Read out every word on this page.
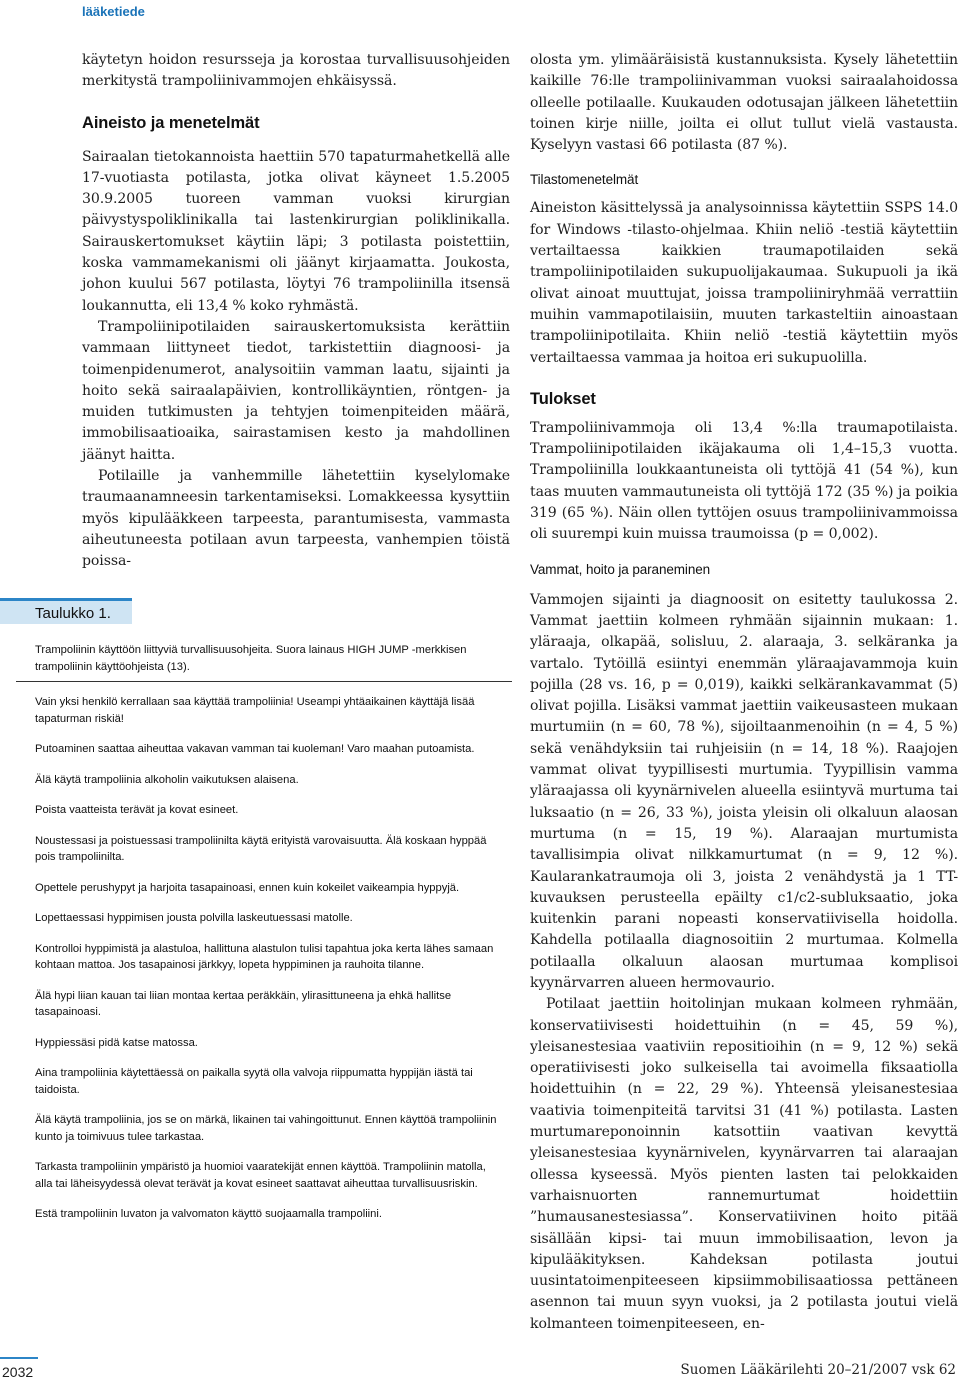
lääketiede

käytetyn hoidon resursseja ja korostaa turvallisuusohjeiden merkitystä trampoliinivammojen ehkäisyssä.

Aineisto ja menetelmät

Sairaalan tietokannoista haettiin 570 tapaturmahetkellä alle 17-vuotiasta potilasta, jotka olivat käyneet 1.5.2005 30.9.2005 tuoreen vamman vuoksi kirurgian päivystyspoliklinikalla tai lastenkirurgian poliklinikalla. Sairauskertomukset käytiin läpi; 3 potilasta poistettiin, koska vammamekanismi oli jäänyt kirjaamatta. Joukosta, johon kuului 567 potilasta, löytyi 76 trampoliinilla itsensä loukannutta, eli 13,4 % koko ryhmästä.

Trampoliinipotilaiden sairauskertomuksista kerättiin vammaan liittyneet tiedot, tarkistettiin diagnoosi- ja toimenpidenumerot, analysoitiin vamman laatu, sijainti ja hoito sekä sairaalapäivien, kontrollikäyntien, röntgen- ja muiden tutkimusten ja tehtyjen toimenpiteiden määrä, immobilisaatioaika, sairastamisen kesto ja mahdollinen jäänyt haitta.

Potilaille ja vanhemmille lähetettiin kyselylomake traumaanamneesin tarkentamiseksi. Lomakkeessa kysyttiin myös kipulääkkeen tarpeesta, parantumisesta, vammasta aiheutuneesta potilaan avun tarpeesta, vanhempien töistä poissa-

olosta ym. ylimääräisistä kustannuksista. Kysely lähetettiin kaikille 76:lle trampoliinivamman vuoksi sairaalahoidossa olleelle potilaalle. Kuukauden odotusajan jälkeen lähetettiin toinen kirje niille, joilta ei ollut tullut vielä vastausta. Kyselyyn vastasi 66 potilasta (87 %).

Tilastomenetelmät

Aineiston käsittelyssä ja analysoinnissa käytettiin SSPS 14.0 for Windows -tilasto-ohjelmaa. Khiin neliö -testiä käytettiin vertailtaessa kaikkien traumapotilaiden sekä trampoliinipotilaiden sukupuolijakaumaa. Sukupuoli ja ikä olivat ainoat muuttujat, joissa trampoliiniryhmää verrattiin muihin vammapotilaisiin, muuten tarkasteltiin ainoastaan trampoliinipotilaita. Khiin neliö -testiä käytettiin myös vertailtaessa vammaa ja hoitoa eri sukupuolilla.

Tulokset

Trampoliinivammoja oli 13,4 %:lla traumapotilaista. Trampoliinipotilaiden ikäjakauma oli 1,4–15,3 vuotta. Trampoliinilla loukkaantuneista oli tyttöjä 41 (54 %), kun taas muuten vammautuneista oli tyttöjä 172 (35 %) ja poikia 319 (65 %). Näin ollen tyttöjen osuus trampoliinivammoissa oli suurempi kuin muissa traumoissa (p = 0,002).

Vammat, hoito ja paraneminen

Vammojen sijainti ja diagnoosit on esitetty taulukossa 2. Vammat jaettiin kolmeen ryhmään sijainnin mukaan: 1. yläraaja, olkapää, solisluu, 2. alaraaja, 3. selkäranka ja vartalo. Tytöillä esiintyi enemmän yläraajavammoja kuin pojilla (28 vs. 16, p = 0,019), kaikki selkärankavammat (5) olivat pojilla. Lisäksi vammat jaettiin vaikeusasteen mukaan murtumiin (n = 60, 78 %), sijoiltaanmenoihin (n = 4, 5 %) sekä venähdyksiin tai ruhjeisiin (n = 14, 18 %). Raajojen vammat olivat tyypillisesti murtumia. Tyypillisin vamma yläraajassa oli kyynärnivelen alueella esiintyvä murtuma tai luksaatio (n = 26, 33 %), joista yleisin oli olkaluun alaosan murtuma (n = 15, 19 %). Alaraajan murtumista tavallisimpia olivat nilkkamurtumat (n = 9, 12 %). Kaularankatraumoja oli 3, joista 2 venähdystä ja 1 TT-kuvauksen perusteella epäilty c1/c2-subluksaatio, joka kuitenkin parani nopeasti konservatiivisella hoidolla. Kahdella potilaalla diagnosoitiin 2 murtumaa. Kolmella potilaalla olkaluun alaosan murtumaa komplisoi kyynärvarren alueen hermovaurio.

Potilaat jaettiin hoitolinjan mukaan kolmeen ryhmään, konservatiivisesti hoidettuihin (n = 45, 59 %), yleisanestesiaa vaativiin repositioihin (n = 9, 12 %) sekä operatiivisesti joko sulkeisella tai avoimella fiksaatiolla hoidettuihin (n = 22, 29 %). Yhteensä yleisanestesiaa vaativia toimenpiteitä tarvitsi 31 (41 %) potilasta. Lasten murtumareponoinnin katsottiin vaativan kevyttä yleisanestesiaa kyynärnivelen, kyynärvarren tai alaraajan ollessa kyseessä. Myös pienten lasten tai pelokkaiden varhaisnuorten rannemurtumat hoidettiin ”humausanestesiassa”. Konservatiivinen hoito pitää sisällään kipsi- tai muun immobilisaation, levon ja kipulääkityksen. Kahdeksan potilasta joutui uusintatoimenpiteeseen kipsiimmobilisaatiossa pettäneen asennon tai muun syyn vuoksi, ja 2 potilasta joutui vielä kolmanteen toimenpiteeseen, en-

Taulukko 1.
Trampoliinin käyttöön liittyviä turvallisuusohjeita. Suora lainaus HIGH JUMP -merkkisen trampoliinin käyttöohjeista (13).
Vain yksi henkilö kerrallaan saa käyttää trampoliinia! Useampi yhtäaikainen käyttäjä lisää tapaturman riskiä!
Putoaminen saattaa aiheuttaa vakavan vamman tai kuoleman! Varo maahan putoamista.
Älä käytä trampoliinia alkoholin vaikutuksen alaisena.
Poista vaatteista terävät ja kovat esineet.
Noustessasi ja poistuessasi trampoliinilta käytä erityistä varovaisuutta. Älä koskaan hyppää pois trampoliinilta.
Opettele perushypyt ja harjoita tasapainoasi, ennen kuin kokeilet vaikeampia hyppyjä.
Lopettaessasi hyppimisen jousta polvilla laskeutuessasi matolle.
Kontrolloi hyppimistä ja alastuloa, hallittuna alastulon tulisi tapahtua joka kerta lähes samaan kohtaan mattoa. Jos tasapainosi järkkyy, lopeta hyppiminen ja rauhoita tilanne.
Älä hypi liian kauan tai liian montaa kertaa peräkkäin, ylirasittuneena ja ehkä hallitse tasapainoasi.
Hyppiessäsi pidä katse matossa.
Aina trampoliinia käytettäessä on paikalla syytä olla valvoja riippumatta hyppijän iästä tai taidoista.
Älä käytä trampoliinia, jos se on märkä, likainen tai vahingoittunut. Ennen käyttöä trampoliinin kunto ja toimivuus tulee tarkastaa.
Tarkasta trampoliinin ympäristö ja huomioi vaaratekijät ennen käyttöä. Trampoliinin matolla, alla tai läheisyydessä olevat terävät ja kovat esineet saattavat aiheuttaa turvallisuusriskin.
Estä trampoliinin luvaton ja valvomaton käyttö suojaamalla trampoliini.
2032	Suomen Lääkärilehti 20–21/2007 vsk 62
